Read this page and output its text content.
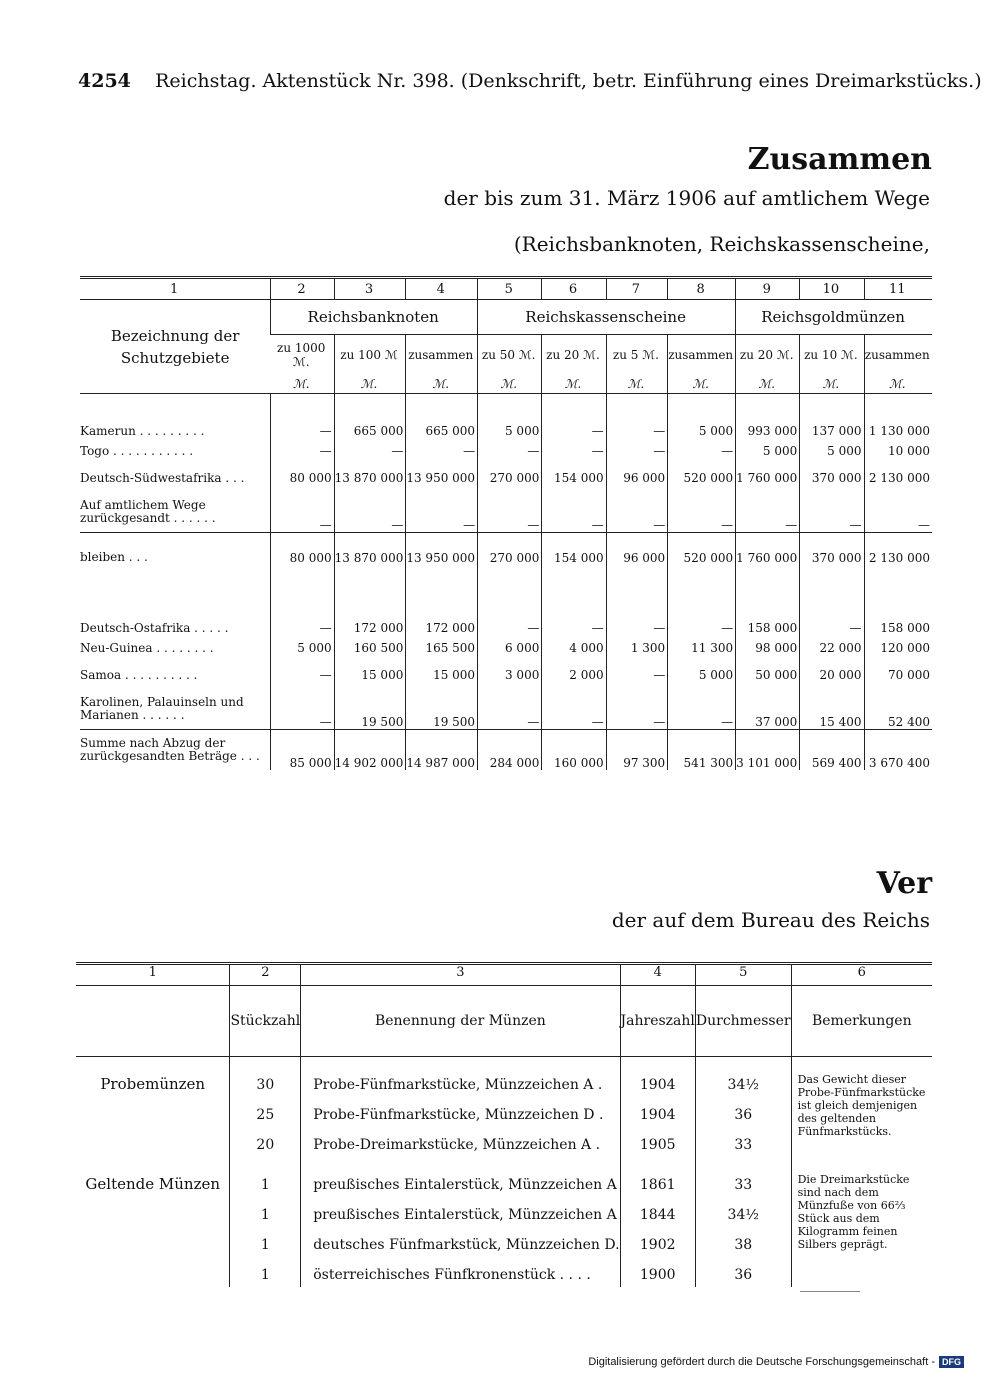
4254 Reichstag. Aktenstück Nr. 398. (Denkschrift, betr. Einführung eines Dreimarkstücks.)
Zusammen
der bis zum 31. März 1906 auf amtlichem Wege
(Reichsbanknoten, Reichskassenscheine,
1	2	3	4	5	6	7	8	9	10	11
Bezeichnung der Schutzgebiete	Reichsbanknoten			Reichskassenscheine				Reichsgoldmünzen		
	zu 1000 ℳ.	zu 100 ℳ	zusammen	zu 50 ℳ.	zu 20 ℳ.	zu 5 ℳ.	zusammen	zu 20 ℳ.	zu 10 ℳ.	zusammen
	ℳ.	ℳ.	ℳ.	ℳ.	ℳ.	ℳ.	ℳ.	ℳ.	ℳ.	ℳ.
Kamerun . . . . . . . . .	—	665 000	665 000	5 000	—	—	5 000	993 000	137 000	1 130 000
Togo . . . . . . . . . . .	—	—	—	—	—	—	—	5 000	5 000	10 000
Deutsch-Südwestafrika . . .	80 000	13 870 000	13 950 000	270 000	154 000	96 000	520 000	1 760 000	370 000	2 130 000
Auf amtlichem Wege zurückgesandt . . . . . .	—	—	—	—	—	—	—	—	—	—
bleiben . . .	80 000	13 870 000	13 950 000	270 000	154 000	96 000	520 000	1 760 000	370 000	2 130 000
Deutsch-Ostafrika . . . . .	—	172 000	172 000	—	—	—	—	158 000	—	158 000
Neu-Guinea . . . . . . . .	5 000	160 500	165 500	6 000	4 000	1 300	11 300	98 000	22 000	120 000
Samoa . . . . . . . . . .	—	15 000	15 000	3 000	2 000	—	5 000	50 000	20 000	70 000
Karolinen, Palauinseln und Marianen . . . . . .	—	19 500	19 500	—	—	—	—	37 000	15 400	52 400
Summe nach Abzug der zurückgesandten Beträge . . .	85 000	14 902 000	14 987 000	284 000	160 000	97 300	541 300	3 101 000	569 400	3 670 400
Ver
der auf dem Bureau des Reichs
1	2	3	4	5	6
	Stückzahl	Benennung der Münzen	Jahreszahl	Durchmesser	Bemerkungen
Probemünzen	30	Probe-Fünfmarkstücke, Münzzeichen A .	1904	34½	Das Gewicht dieser Probe-Fünfmarkstücke ist gleich demjenigen des geltenden Fünfmarkstücks.
	25	Probe-Fünfmarkstücke, Münzzeichen D .	1904	36	
	20	Probe-Dreimarkstücke, Münzzeichen A .	1905	33	
Geltende Münzen	1	preußisches Eintalerstück, Münzzeichen A	1861	33	Die Dreimarkstücke sind nach dem Münzfuße von 66⅔ Stück aus dem Kilogramm feinen Silbers geprägt.
	1	preußisches Eintalerstück, Münzzeichen A	1844	34½	
	1	deutsches Fünfmarkstück, Münzzeichen D.	1902	38	
	1	österreichisches Fünfkronenstück . . . .	1900	36	
Digitalisierung gefördert durch die Deutsche Forschungsgemeinschaft - DFG
